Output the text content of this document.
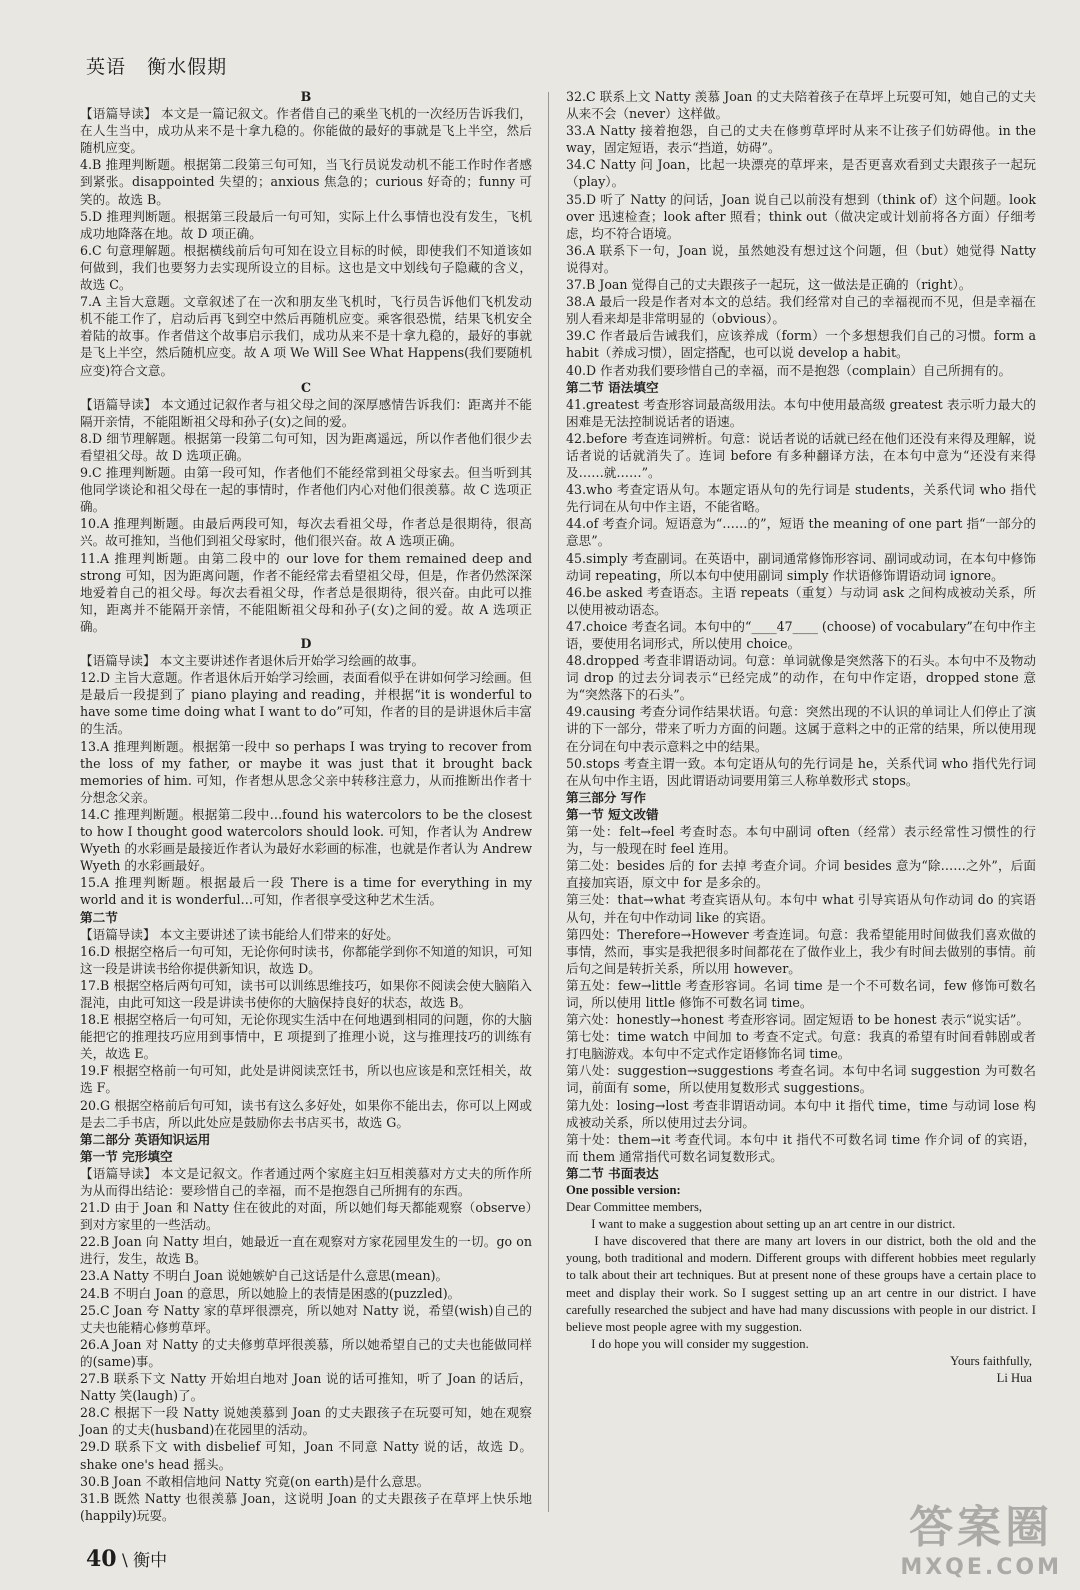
英语 衡水假期

B

【语篇导读】 本文是一篇记叙文。作者借自己的乘坐飞机的一次经历告诉我们，在人生当中，成功从来不是十拿九稳的。你能做的最好的事就是飞上半空，然后随机应变。

4.B 推理判断题。根据第二段第三句可知，当飞行员说发动机不能工作时作者感到紧张。disappointed 失望的；anxious 焦急的；curious 好奇的；funny 可笑的。故选 B。

5.D 推理判断题。根据第三段最后一句可知，实际上什么事情也没有发生，飞机成功地降落在地。故 D 项正确。

6.C 句意理解题。根据横线前后句可知在设立目标的时候，即使我们不知道该如何做到，我们也要努力去实现所设立的目标。这也是文中划线句子隐藏的含义，故选 C。

7.A 主旨大意题。文章叙述了在一次和朋友坐飞机时，飞行员告诉他们飞机发动机不能工作了，启动后再飞到空中然后再随机应变。乘客很恐慌，结果飞机安全着陆的故事。作者借这个故事启示我们，成功从来不是十拿九稳的，最好的事就是飞上半空，然后随机应变。故 A 项 We Will See What Happens(我们要随机应变)符合文意。

C

【语篇导读】 本文通过记叙作者与祖父母之间的深厚感情告诉我们：距离并不能隔开亲情，不能阻断祖父母和孙子(女)之间的爱。

8.D 细节理解题。根据第一段第二句可知，因为距离遥远，所以作者他们很少去看望祖父母。故 D 选项正确。

9.C 推理判断题。由第一段可知，作者他们不能经常到祖父母家去。但当听到其他同学谈论和祖父母在一起的事情时，作者他们内心对他们很羡慕。故 C 选项正确。

10.A 推理判断题。由最后两段可知，每次去看祖父母，作者总是很期待，很高兴。故可推知，当他们到祖父母家时，他们很兴奋。故 A 选项正确。

11.A 推理判断题。由第二段中的 our love for them remained deep and strong 可知，因为距离问题，作者不能经常去看望祖父母，但是，作者仍然深深地爱着自己的祖父母。每次去看祖父母，作者总是很期待，很兴奋。由此可以推知，距离并不能隔开亲情，不能阻断祖父母和孙子(女)之间的爱。故 A 选项正确。

D

【语篇导读】 本文主要讲述作者退休后开始学习绘画的故事。

12.D 主旨大意题。作者退休后开始学习绘画，表面看似乎在讲如何学习绘画。但是最后一段提到了 piano playing and reading，并根据“it is wonderful to have some time doing what I want to do”可知，作者的目的是讲退休后丰富的生活。

13.A 推理判断题。根据第一段中 so perhaps I was trying to recover from the loss of my father, or maybe it was just that it brought back memories of him. 可知，作者想从思念父亲中转移注意力，从而推断出作者十分想念父亲。

14.C 推理判断题。根据第二段中…found his watercolors to be the closest to how I thought good watercolors should look. 可知，作者认为 Andrew Wyeth 的水彩画是最接近作者认为最好水彩画的标准，也就是作者认为 Andrew Wyeth 的水彩画最好。

15.A 推理判断题。根据最后一段 There is a time for everything in my world and it is wonderful…可知，作者很享受这种艺术生活。

第二节

【语篇导读】 本文主要讲述了读书能给人们带来的好处。

16.D 根据空格后一句可知，无论你何时读书，你都能学到你不知道的知识，可知这一段是讲读书给你提供新知识，故选 D。

17.B 根据空格后两句可知，读书可以训练思维技巧，如果你不阅读会使大脑陷入混沌，由此可知这一段是讲读书使你的大脑保持良好的状态，故选 B。

18.E 根据空格后一句可知，无论你现实生活中在何地遇到相同的问题，你的大脑能把它的推理技巧应用到事情中，E 项提到了推理小说，这与推理技巧的训练有关，故选 E。

19.F 根据空格前一句可知，此处是讲阅读烹饪书，所以也应该是和烹饪相关，故选 F。

20.G 根据空格前后句可知，读书有这么多好处，如果你不能出去，你可以上网或是去二手书店，所以此处应是鼓励你去书店买书，故选 G。

第二部分 英语知识运用

第一节 完形填空

【语篇导读】 本文是记叙文。作者通过两个家庭主妇互相羡慕对方丈夫的所作所为从而得出结论：要珍惜自己的幸福，而不是抱怨自己所拥有的东西。

21.D 由于 Joan 和 Natty 住在彼此的对面，所以她们每天都能观察（observe）到对方家里的一些活动。

22.B Joan 向 Natty 坦白，她最近一直在观察对方家花园里发生的一切。go on 进行，发生，故选 B。

23.A Natty 不明白 Joan 说她嫉妒自己这话是什么意思(mean)。

24.B 不明白 Joan 的意思，所以她脸上的表情是困惑的(puzzled)。

25.C Joan 夸 Natty 家的草坪很漂亮，所以她对 Natty 说，希望(wish)自己的丈夫也能精心修剪草坪。

26.A Joan 对 Natty 的丈夫修剪草坪很羡慕，所以她希望自己的丈夫也能做同样的(same)事。

27.B 联系下文 Natty 开始坦白地对 Joan 说的话可推知，听了 Joan 的话后，Natty 笑(laugh)了。

28.C 根据下一段 Natty 说她羡慕到 Joan 的丈夫跟孩子在玩耍可知，她在观察 Joan 的丈夫(husband)在花园里的活动。

29.D 联系下文 with disbelief 可知，Joan 不同意 Natty 说的话，故选 D。shake one's head 摇头。

30.B Joan 不敢相信地问 Natty 究竟(on earth)是什么意思。

31.B 既然 Natty 也很羡慕 Joan，这说明 Joan 的丈夫跟孩子在草坪上快乐地(happily)玩耍。

32.C 联系上文 Natty 羡慕 Joan 的丈夫陪着孩子在草坪上玩耍可知，她自己的丈夫从来不会（never）这样做。

33.A Natty 接着抱怨，自己的丈夫在修剪草坪时从来不让孩子们妨碍他。in the way，固定短语，表示“挡道，妨碍”。

34.C Natty 问 Joan，比起一块漂亮的草坪来，是否更喜欢看到丈夫跟孩子一起玩（play）。

35.D 听了 Natty 的问话，Joan 说自己以前没有想到（think of）这个问题。look over 迅速检查；look after 照看；think out（做决定或计划前将各方面）仔细考虑，均不符合语境。

36.A 联系下一句，Joan 说，虽然她没有想过这个问题，但（but）她觉得 Natty 说得对。

37.B Joan 觉得自己的丈夫跟孩子一起玩，这一做法是正确的（right）。

38.A 最后一段是作者对本文的总结。我们经常对自己的幸福视而不见，但是幸福在别人看来却是非常明显的（obvious）。

39.C 作者最后告诫我们，应该养成（form）一个多想想我们自己的习惯。form a habit（养成习惯），固定搭配，也可以说 develop a habit。

40.D 作者劝我们要珍惜自己的幸福，而不是抱怨（complain）自己所拥有的。

第二节 语法填空

41.greatest 考查形容词最高级用法。本句中使用最高级 greatest 表示听力最大的困难是无法控制说话者的语速。

42.before 考查连词辨析。句意：说话者说的话就已经在他们还没有来得及理解，说话者说的话就消失了。连词 before 有多种翻译方法，在本句中意为“还没有来得及……就……”。

43.who 考查定语从句。本题定语从句的先行词是 students，关系代词 who 指代先行词在从句中作主语，不能省略。

44.of 考查介词。短语意为“……的”，短语 the meaning of one part 指“一部分的意思”。

45.simply 考查副词。在英语中，副词通常修饰形容词、副词或动词，在本句中修饰动词 repeating，所以本句中使用副词 simply 作状语修饰谓语动词 ignore。

46.be asked 考查语态。主语 repeats（重复）与动词 ask 之间构成被动关系，所以使用被动语态。

47.choice 考查名词。本句中的“____47____ (choose) of vocabulary”在句中作主语，要使用名词形式，所以使用 choice。

48.dropped 考查非谓语动词。句意：单词就像是突然落下的石头。本句中不及物动词 drop 的过去分词表示“已经完成”的动作，在句中作定语，dropped stone 意为“突然落下的石头”。

49.causing 考查分词作结果状语。句意：突然出现的不认识的单词让人们停止了演讲的下一部分，带来了听力方面的问题。这属于意料之中的正常的结果，所以使用现在分词在句中表示意料之中的结果。

50.stops 考查主谓一致。本句定语从句的先行词是 he，关系代词 who 指代先行词在从句中作主语，因此谓语动词要用第三人称单数形式 stops。

第三部分 写作

第一节 短文改错

第一处：felt→feel 考查时态。本句中副词 often（经常）表示经常性习惯性的行为，与一般现在时 feel 连用。

第二处：besides 后的 for 去掉 考查介词。介词 besides 意为“除……之外”，后面直接加宾语，原文中 for 是多余的。

第三处：that→what 考查宾语从句。本句中 what 引导宾语从句作动词 do 的宾语从句，并在句中作动词 like 的宾语。

第四处：Therefore→However 考查连词。句意：我希望能用时间做我们喜欢做的事情，然而，事实是我把很多时间都花在了做作业上，我少有时间去做别的事情。前后句之间是转折关系，所以用 however。

第五处：few→little 考查形容词。名词 time 是一个不可数名词，few 修饰可数名词，所以使用 little 修饰不可数名词 time。

第六处：honestly→honest 考查形容词。固定短语 to be honest 表示“说实话”。

第七处：time watch 中间加 to 考查不定式。句意：我真的希望有时间看韩剧或者打电脑游戏。本句中不定式作定语修饰名词 time。

第八处：suggestion→suggestions 考查名词。本句中名词 suggestion 为可数名词，前面有 some，所以使用复数形式 suggestions。

第九处：losing→lost 考查非谓语动词。本句中 it 指代 time，time 与动词 lose 构成被动关系，所以使用过去分词。

第十处：them→it 考查代词。本句中 it 指代不可数名词 time 作介词 of 的宾语，而 them 通常指代可数名词复数形式。

第二节 书面表达

One possible version:

Dear Committee members,

　　I want to make a suggestion about setting up an art centre in our district.

　　I have discovered that there are many art lovers in our district, both the old and the young, both traditional and modern. Different groups with different hobbies meet regularly to talk about their art techniques. But at present none of these groups have a certain place to meet and display their work. So I suggest setting up an art centre in our district. I have carefully researched the subject and have had many discussions with people in our district. I believe most people agree with my suggestion.

　　I do hope you will consider my suggestion.

Yours faithfully,

Li Hua

40 \ 衡中
答案圈
MXQE.COM
